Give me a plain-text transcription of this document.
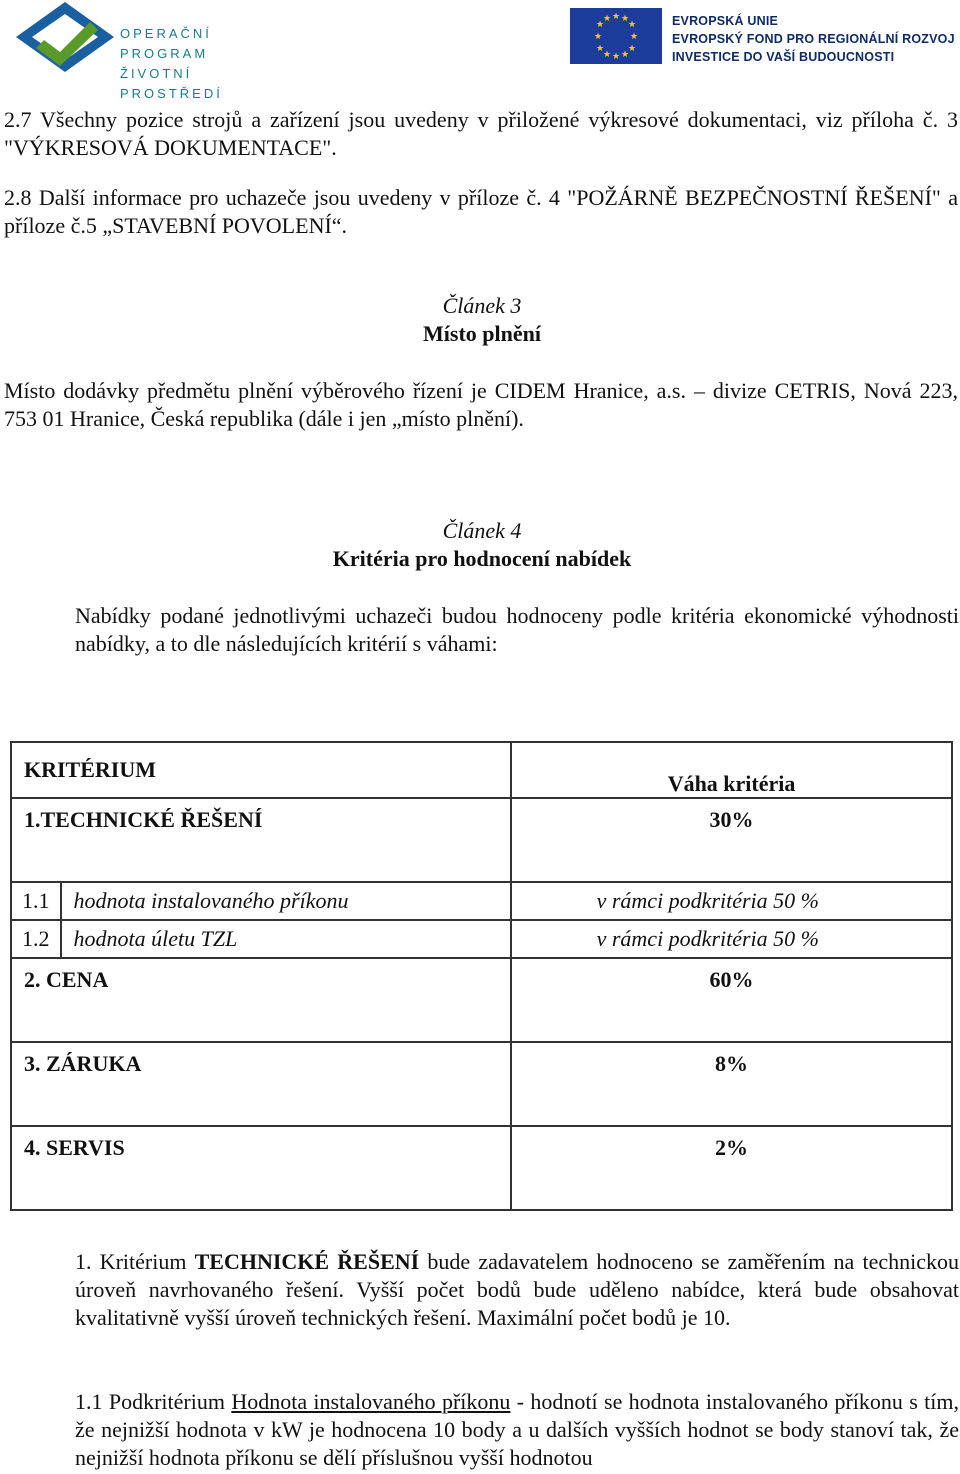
OPERAČNÍ PROGRAM
ŽIVOTNÍ PROSTŘEDÍ
★ ★
★
★
★
★
★
★
★
★
★
★	EVROPSKÁ UNIE
EVROPSKÝ FOND PRO REGIONÁLNÍ ROZVOJ
INVESTICE DO VAŠÍ BUDOUCNOSTI
2.7 Všechny pozice strojů a zařízení jsou uvedeny v přiložené výkresové dokumentaci, viz příloha č. 3 "VÝKRESOVÁ DOKUMENTACE".
2.8 Další informace pro uchazeče jsou uvedeny v příloze č. 4 "POŽÁRNĚ BEZPEČNOSTNÍ ŘEŠENÍ" a příloze č.5 „STAVEBNÍ POVOLENÍ“.
Článek 3
Místo plnění
Místo dodávky předmětu plnění výběrového řízení je CIDEM Hranice, a.s. – divize CETRIS, Nová 223, 753 01 Hranice, Česká republika (dále i jen „místo plnění).
Článek 4
Kritéria pro hodnocení nabídek
Nabídky podané jednotlivými uchazeči budou hodnoceny podle kritéria ekonomické výhodnosti nabídky, a to dle následujících kritérií s váhami:
KRITÉRIUM		Váha kritéria
1.TECHNICKÉ ŘEŠENÍ		30%
1.1	hodnota instalovaného příkonu	v rámci podkritéria 50 %
1.2	hodnota úletu TZL	v rámci podkritéria 50 %
2. CENA		60%
3. ZÁRUKA		8%
4. SERVIS		2%
1. Kritérium TECHNICKÉ ŘEŠENÍ bude zadavatelem hodnoceno se zaměřením na technickou úroveň navrhovaného řešení. Vyšší počet bodů bude uděleno nabídce, která bude obsahovat kvalitativně vyšší úroveň technických řešení. Maximální počet bodů je 10.
1.1 Podkritérium Hodnota instalovaného příkonu - hodnotí se hodnota instalovaného příkonu s tím, že nejnižší hodnota v kW je hodnocena 10 body a u dalších vyšších hodnot se body stanoví tak, že nejnižší hodnota příkonu se dělí příslušnou vyšší hodnotou
